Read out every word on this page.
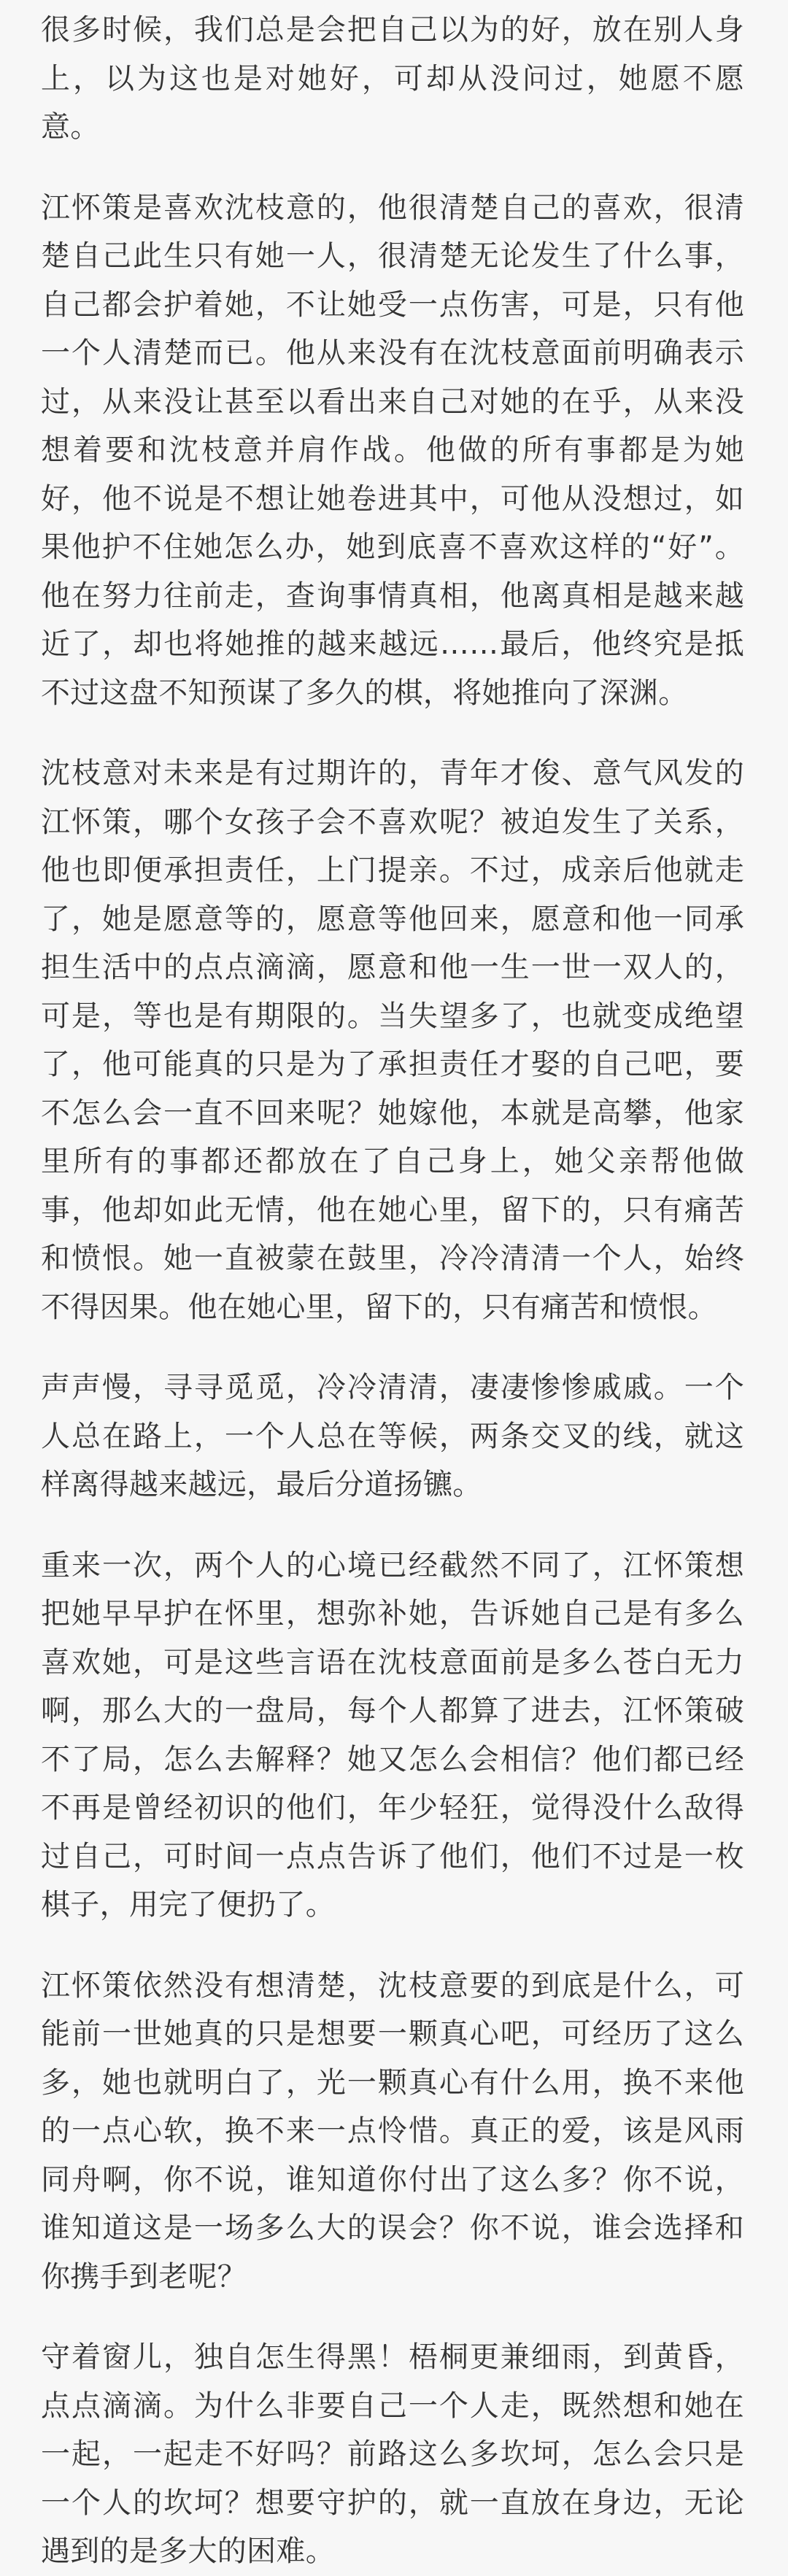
很多时候，我们总是会把自己以为的好，放在别人身上，以为这也是对她好，可却从没问过，她愿不愿意。

江怀策是喜欢沈枝意的，他很清楚自己的喜欢，很清楚自己此生只有她一人，很清楚无论发生了什么事，自己都会护着她，不让她受一点伤害，可是，只有他一个人清楚而已。他从来没有在沈枝意面前明确表示过，从来没让甚至以看出来自己对她的在乎，从来没想着要和沈枝意并肩作战。他做的所有事都是为她好，他不说是不想让她卷进其中，可他从没想过，如果他护不住她怎么办，她到底喜不喜欢这样的“好”。他在努力往前走，查询事情真相，他离真相是越来越近了，却也将她推的越来越远……最后，他终究是抵不过这盘不知预谋了多久的棋，将她推向了深渊。

沈枝意对未来是有过期许的，青年才俊、意气风发的江怀策，哪个女孩子会不喜欢呢？被迫发生了关系，他也即便承担责任，上门提亲。不过，成亲后他就走了，她是愿意等的，愿意等他回来，愿意和他一同承担生活中的点点滴滴，愿意和他一生一世一双人的，可是，等也是有期限的。当失望多了，也就变成绝望了，他可能真的只是为了承担责任才娶的自己吧，要不怎么会一直不回来呢？她嫁他，本就是高攀，他家里所有的事都还都放在了自己身上，她父亲帮他做事，他却如此无情，他在她心里，留下的，只有痛苦和愤恨。她一直被蒙在鼓里，冷冷清清一个人，始终不得因果。他在她心里，留下的，只有痛苦和愤恨。

声声慢，寻寻觅觅，冷冷清清，凄凄惨惨戚戚。一个人总在路上，一个人总在等候，两条交叉的线，就这样离得越来越远，最后分道扬镳。

重来一次，两个人的心境已经截然不同了，江怀策想把她早早护在怀里，想弥补她，告诉她自己是有多么喜欢她，可是这些言语在沈枝意面前是多么苍白无力啊，那么大的一盘局，每个人都算了进去，江怀策破不了局，怎么去解释？她又怎么会相信？他们都已经不再是曾经初识的他们，年少轻狂，觉得没什么敌得过自己，可时间一点点告诉了他们，他们不过是一枚棋子，用完了便扔了。

江怀策依然没有想清楚，沈枝意要的到底是什么，可能前一世她真的只是想要一颗真心吧，可经历了这么多，她也就明白了，光一颗真心有什么用，换不来他的一点心软，换不来一点怜惜。真正的爱，该是风雨同舟啊，你不说，谁知道你付出了这么多？你不说，谁知道这是一场多么大的误会？你不说，谁会选择和你携手到老呢？

守着窗儿，独自怎生得黑！梧桐更兼细雨，到黄昏，点点滴滴。为什么非要自己一个人走，既然想和她在一起，一起走不好吗？前路这么多坎坷，怎么会只是一个人的坎坷？想要守护的，就一直放在身边，无论遇到的是多大的困难。
